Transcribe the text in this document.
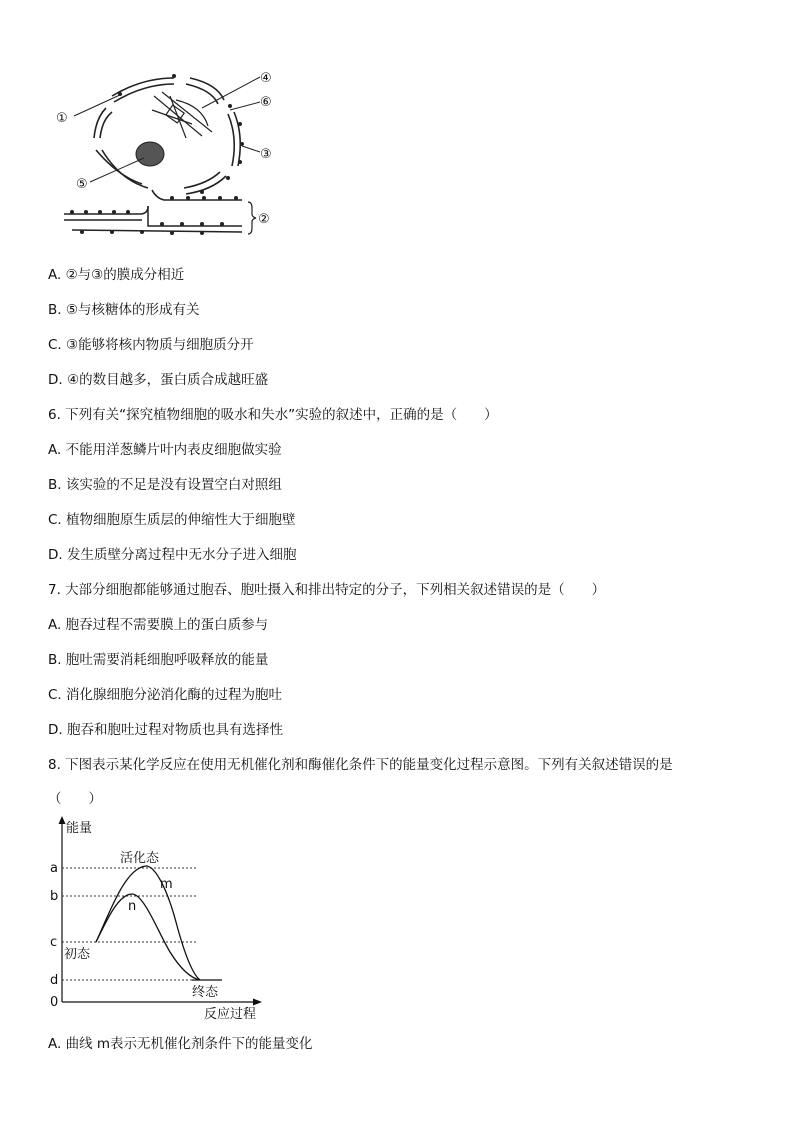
①
②
③
④
⑤
⑥
A. ②与③的膜成分相近
B. ⑤与核糖体的形成有关
C. ③能够将核内物质与细胞质分开
D. ④的数目越多，蛋白质合成越旺盛
6. 下列有关“探究植物细胞的吸水和失水”实验的叙述中，正确的是（　　）
A. 不能用洋葱鳞片叶内表皮细胞做实验
B. 该实验的不足是没有设置空白对照组
C. 植物细胞原生质层的伸缩性大于细胞壁
D. 发生质壁分离过程中无水分子进入细胞
7. 大部分细胞都能够通过胞吞、胞吐摄入和排出特定的分子，下列相关叙述错误的是（　　）
A. 胞吞过程不需要膜上的蛋白质参与
B. 胞吐需要消耗细胞呼吸释放的能量
C. 消化腺细胞分泌消化酶的过程为胞吐
D. 胞吞和胞吐过程对物质也具有选择性
8. 下图表示某化学反应在使用无机催化剂和酶催化条件下的能量变化过程示意图。下列有关叙述错误的是
（　　）
能量
反应过程
a
b
c
d
0
m
n
活化态
初态
终态
A. 曲线 m表示无机催化剂条件下的能量变化
